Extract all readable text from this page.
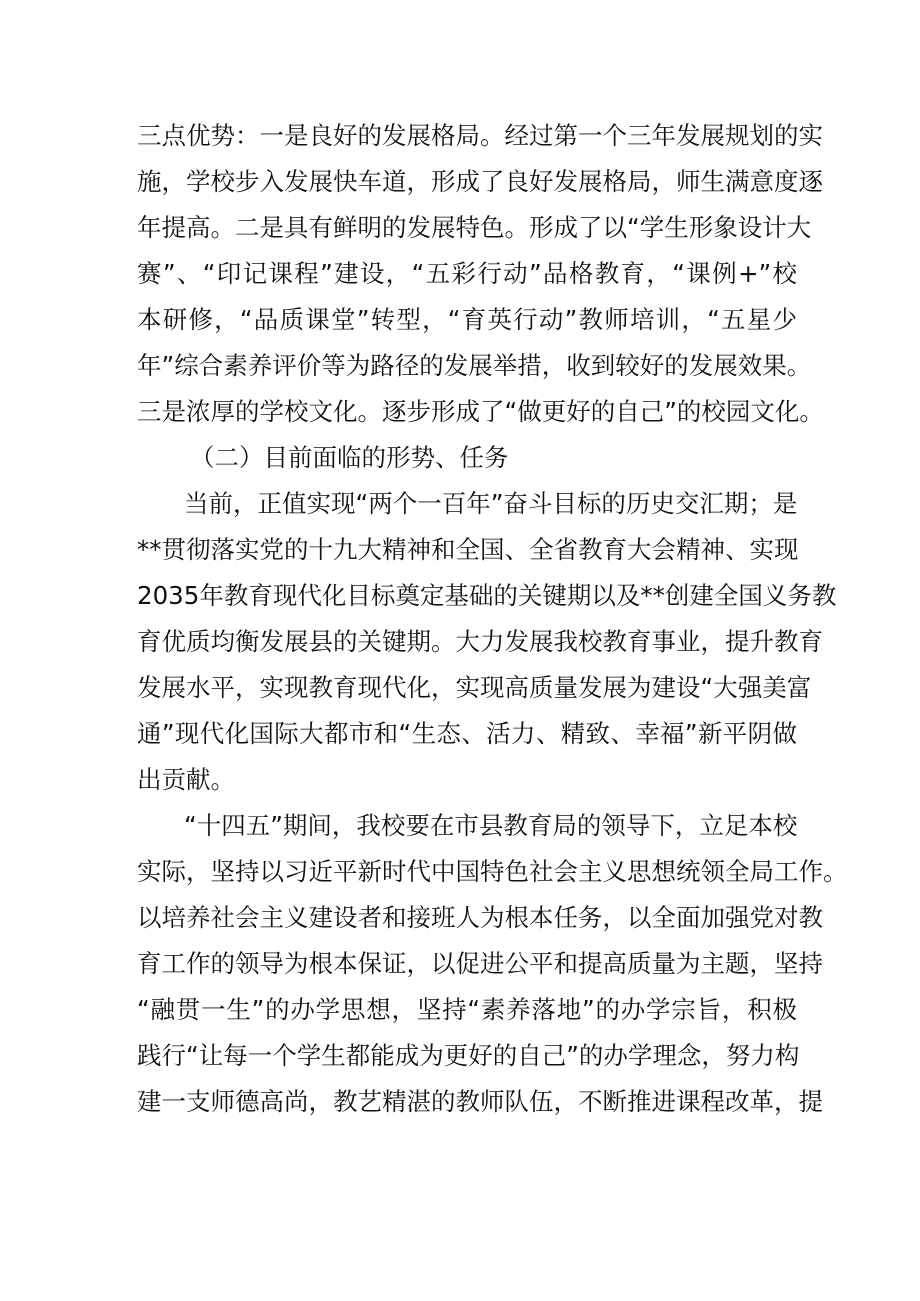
三点优势：一是良好的发展格局。经过第一个三年发展规划的实
施，学校步入发展快车道，形成了良好发展格局，师生满意度逐
年提高。二是具有鲜明的发展特色。形成了以“学生形象设计大
赛”、“印记课程”建设，“五彩行动”品格教育，“课例+”校
本研修，“品质课堂”转型，“育英行动”教师培训，“五星少
年”综合素养评价等为路径的发展举措，收到较好的发展效果。
三是浓厚的学校文化。逐步形成了“做更好的自己”的校园文化。
（二）目前面临的形势、任务
当前，正值实现“两个一百年”奋斗目标的历史交汇期；是
**贯彻落实党的十九大精神和全国、全省教育大会精神、实现
2035年教育现代化目标奠定基础的关键期以及**创建全国义务教
育优质均衡发展县的关键期。大力发展我校教育事业，提升教育
发展水平，实现教育现代化，实现高质量发展为建设“大强美富
通”现代化国际大都市和“生态、活力、精致、幸福”新平阴做
出贡献。
“十四五”期间，我校要在市县教育局的领导下，立足本校
实际，坚持以习近平新时代中国特色社会主义思想统领全局工作。
以培养社会主义建设者和接班人为根本任务，以全面加强党对教
育工作的领导为根本保证，以促进公平和提高质量为主题，坚持
“融贯一生”的办学思想，坚持“素养落地”的办学宗旨，积极
践行“让每一个学生都能成为更好的自己”的办学理念，努力构
建一支师德高尚，教艺精湛的教师队伍，不断推进课程改革，提
